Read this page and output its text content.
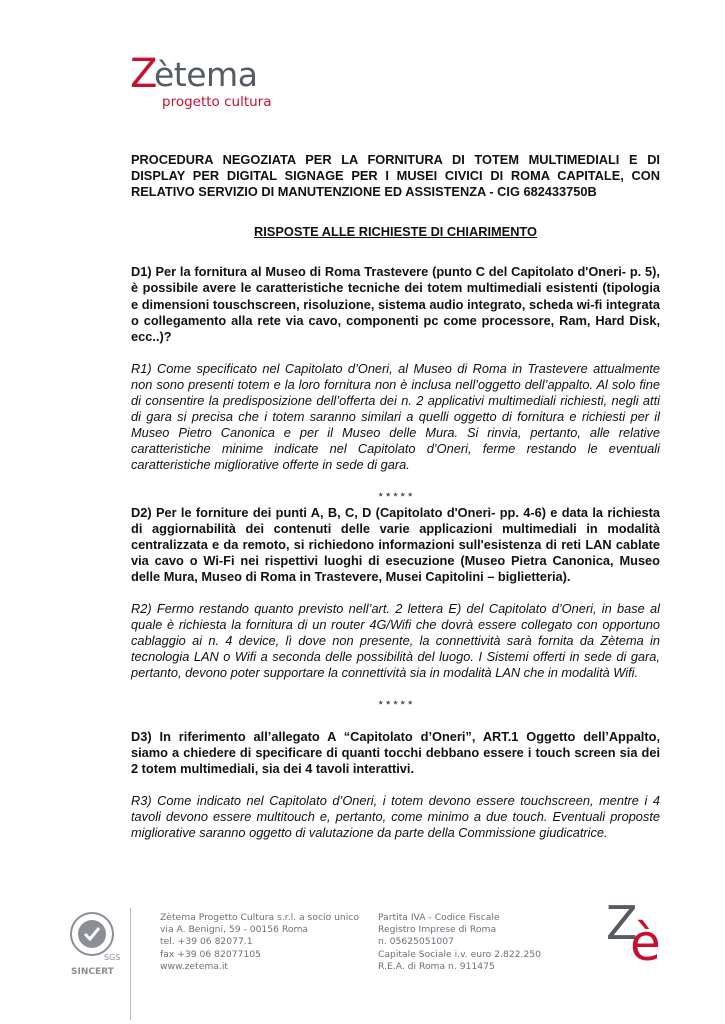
Z
ètema
progetto cultura

PROCEDURA NEGOZIATA PER LA FORNITURA DI TOTEM MULTIMEDIALI E DI DISPLAY PER DIGITAL SIGNAGE PER I MUSEI CIVICI DI ROMA CAPITALE, CON RELATIVO SERVIZIO DI MANUTENZIONE ED ASSISTENZA - CIG 682433750B

RISPOSTE ALLE RICHIESTE DI CHIARIMENTO

D1) Per la fornitura al Museo di Roma Trastevere (punto C del Capitolato d'Oneri- p. 5), è possibile avere le caratteristiche tecniche dei totem multimediali esistenti (tipologia e dimensioni touschscreen, risoluzione, sistema audio integrato, scheda wi-fi integrata o collegamento alla rete via cavo, componenti pc come processore, Ram, Hard Disk, ecc..)?

R1) Come specificato nel Capitolato d’Oneri, al Museo di Roma in Trastevere attualmente non sono presenti totem e la loro fornitura non è inclusa nell’oggetto dell’appalto. Al solo fine di consentire la predisposizione dell’offerta dei n. 2 applicativi multimediali richiesti, negli atti di gara si precisa che i totem saranno similari a quelli oggetto di fornitura e richiesti per il Museo Pietro Canonica e per il Museo delle Mura. Si rinvia, pertanto, alle relative caratteristiche minime indicate nel Capitolato d’Oneri, ferme restando le eventuali caratteristiche migliorative offerte in sede di gara.

* * * * *

D2) Per le forniture dei punti A, B, C, D (Capitolato d'Oneri- pp. 4-6) e data la richiesta di aggiornabilità dei contenuti delle varie applicazioni multimediali in modalità centralizzata e da remoto, si richiedono informazioni sull'esistenza di reti LAN cablate via cavo o Wi-Fi nei rispettivi luoghi di esecuzione (Museo Pietra Canonica, Museo delle Mura, Museo di Roma in Trastevere, Musei Capitolini – biglietteria).

R2) Fermo restando quanto previsto nell’art. 2 lettera E) del Capitolato d’Oneri, in base al quale è richiesta la fornitura di un router 4G/Wifi che dovrà essere collegato con opportuno cablaggio ai n. 4 device, lì dove non presente, la connettività sarà fornita da Zètema in tecnologia LAN o Wifi a seconda delle possibilità del luogo. I Sistemi offerti in sede di gara, pertanto, devono poter supportare la connettività sia in modalità LAN che in modalità Wifi.

* * * * *

D3) In riferimento all’allegato A “Capitolato d’Oneri”, ART.1 Oggetto dell’Appalto, siamo a chiedere di specificare di quanti tocchi debbano essere i touch screen sia dei 2 totem multimediali, sia dei 4 tavoli interattivi.

R3) Come indicato nel Capitolato d’Oneri, i totem devono essere touchscreen, mentre i 4 tavoli devono essere multitouch e, pertanto, come minimo a due touch. Eventuali proposte migliorative saranno oggetto di valutazione da parte della Commissione giudicatrice.

SGS
SINCERT
Zètema Progetto Cultura s.r.l. a socio unico
via A. Benigni, 59 - 00156 Roma
tel. +39 06 82077.1
fax +39 06 82077105
www.zetema.it
Partita IVA - Codice Fiscale
Registro Imprese di Roma
n. 05625051007
Capitale Sociale i.v. euro 2.822.250
R.E.A. di Roma n. 911475
Z
è
